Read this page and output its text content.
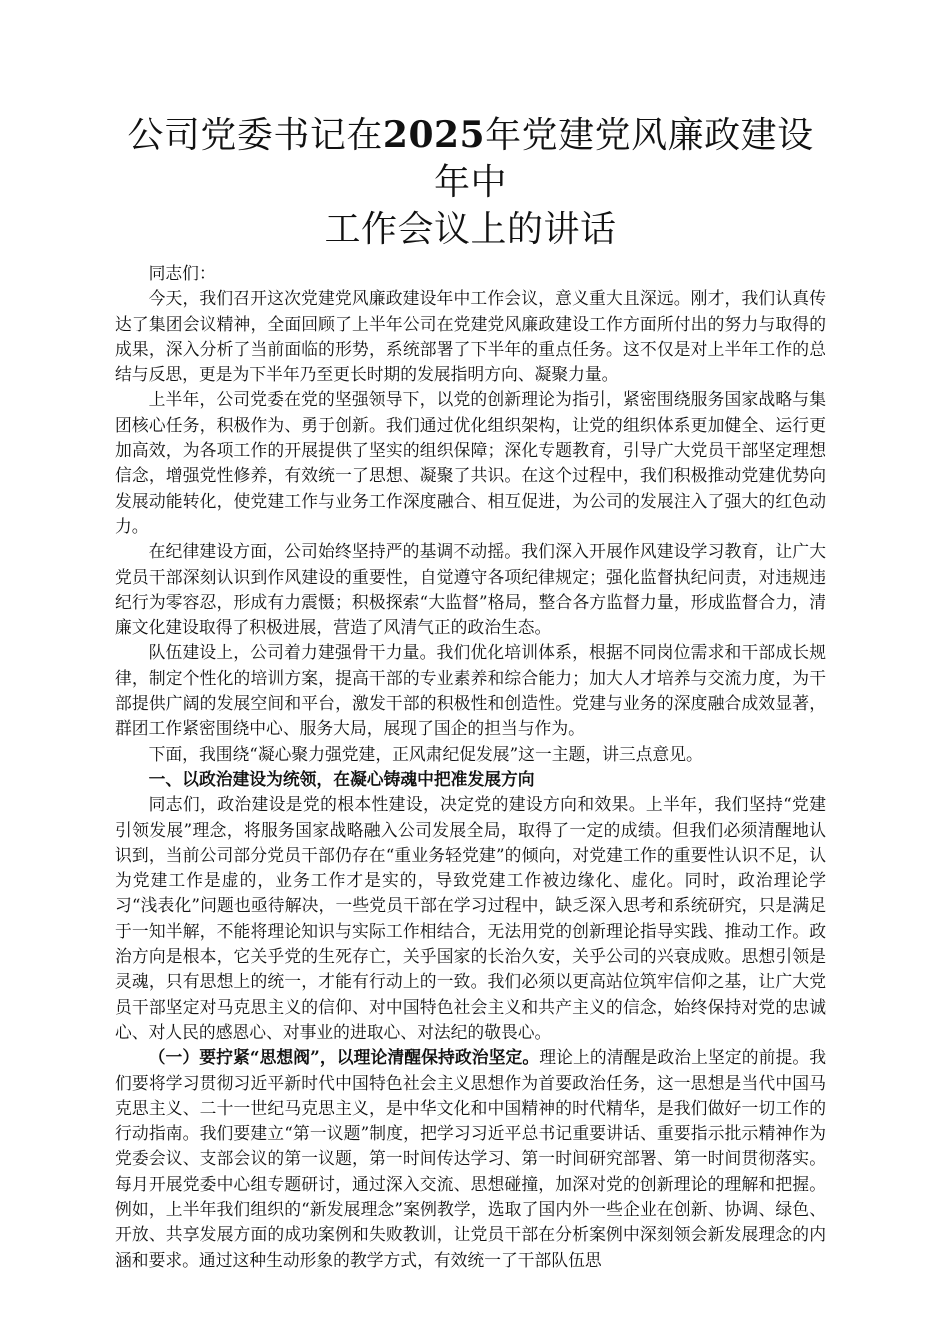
公司党委书记在2025年党建党风廉政建设年中
工作会议上的讲话

同志们：

今天，我们召开这次党建党风廉政建设年中工作会议，意义重大且深远。刚才，我们认真传达了集团会议精神，全面回顾了上半年公司在党建党风廉政建设工作方面所付出的努力与取得的成果，深入分析了当前面临的形势，系统部署了下半年的重点任务。这不仅是对上半年工作的总结与反思，更是为下半年乃至更长时期的发展指明方向、凝聚力量。

上半年，公司党委在党的坚强领导下，以党的创新理论为指引，紧密围绕服务国家战略与集团核心任务，积极作为、勇于创新。我们通过优化组织架构，让党的组织体系更加健全、运行更加高效，为各项工作的开展提供了坚实的组织保障；深化专题教育，引导广大党员干部坚定理想信念，增强党性修养，有效统一了思想、凝聚了共识。在这个过程中，我们积极推动党建优势向发展动能转化，使党建工作与业务工作深度融合、相互促进，为公司的发展注入了强大的红色动力。

在纪律建设方面，公司始终坚持严的基调不动摇。我们深入开展作风建设学习教育，让广大党员干部深刻认识到作风建设的重要性，自觉遵守各项纪律规定；强化监督执纪问责，对违规违纪行为零容忍，形成有力震慑；积极探索“大监督”格局，整合各方监督力量，形成监督合力，清廉文化建设取得了积极进展，营造了风清气正的政治生态。

队伍建设上，公司着力建强骨干力量。我们优化培训体系，根据不同岗位需求和干部成长规律，制定个性化的培训方案，提高干部的专业素养和综合能力；加大人才培养与交流力度，为干部提供广阔的发展空间和平台，激发干部的积极性和创造性。党建与业务的深度融合成效显著，群团工作紧密围绕中心、服务大局，展现了国企的担当与作为。

下面，我围绕“凝心聚力强党建，正风肃纪促发展”这一主题，讲三点意见。

一、以政治建设为统领，在凝心铸魂中把准发展方向

同志们，政治建设是党的根本性建设，决定党的建设方向和效果。上半年，我们坚持“党建引领发展”理念，将服务国家战略融入公司发展全局，取得了一定的成绩。但我们必须清醒地认识到，当前公司部分党员干部仍存在“重业务轻党建”的倾向，对党建工作的重要性认识不足，认为党建工作是虚的，业务工作才是实的，导致党建工作被边缘化、虚化。同时，政治理论学习“浅表化”问题也亟待解决，一些党员干部在学习过程中，缺乏深入思考和系统研究，只是满足于一知半解，不能将理论知识与实际工作相结合，无法用党的创新理论指导实践、推动工作。政治方向是根本，它关乎党的生死存亡，关乎国家的长治久安，关乎公司的兴衰成败。思想引领是灵魂，只有思想上的统一，才能有行动上的一致。我们必须以更高站位筑牢信仰之基，让广大党员干部坚定对马克思主义的信仰、对中国特色社会主义和共产主义的信念，始终保持对党的忠诚心、对人民的感恩心、对事业的进取心、对法纪的敬畏心。

（一）要拧紧“思想阀”，以理论清醒保持政治坚定。理论上的清醒是政治上坚定的前提。我们要将学习贯彻习近平新时代中国特色社会主义思想作为首要政治任务，这一思想是当代中国马克思主义、二十一世纪马克思主义，是中华文化和中国精神的时代精华，是我们做好一切工作的行动指南。我们要建立“第一议题”制度，把学习习近平总书记重要讲话、重要指示批示精神作为党委会议、支部会议的第一议题，第一时间传达学习、第一时间研究部署、第一时间贯彻落实。每月开展党委中心组专题研讨，通过深入交流、思想碰撞，加深对党的创新理论的理解和把握。例如，上半年我们组织的“新发展理念”案例教学，选取了国内外一些企业在创新、协调、绿色、开放、共享发展方面的成功案例和失败教训，让党员干部在分析案例中深刻领会新发展理念的内涵和要求。通过这种生动形象的教学方式，有效统一了干部队伍思
